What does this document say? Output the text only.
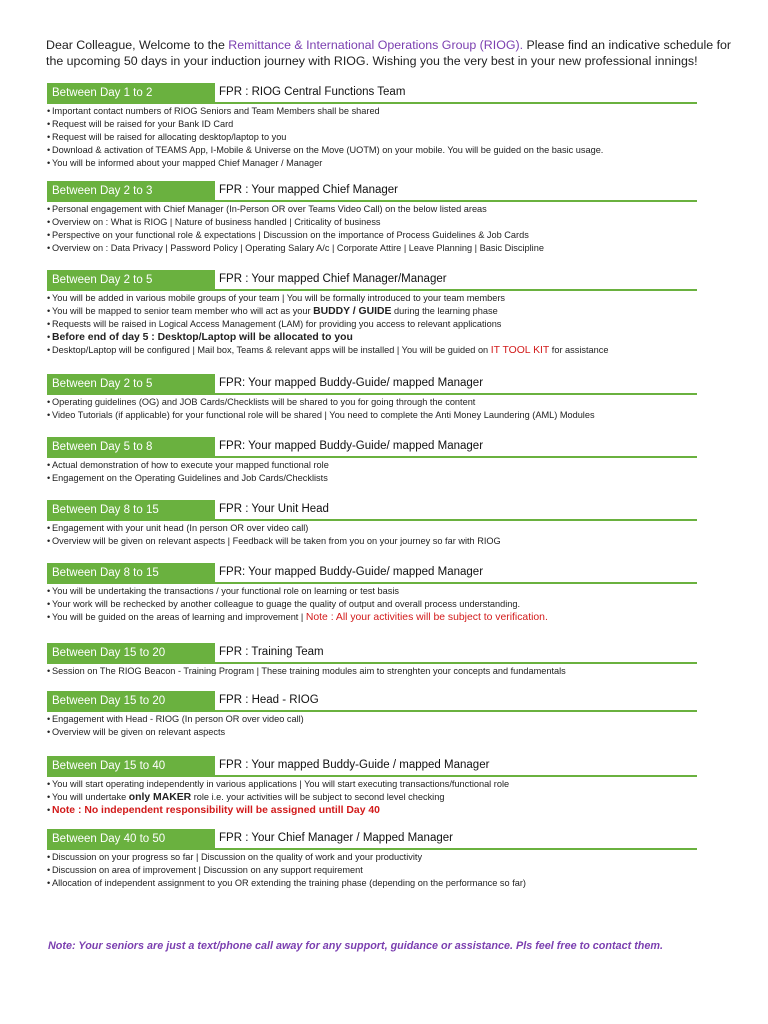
Dear Colleague, Welcome to the Remittance & International Operations Group (RIOG). Please find an indicative schedule for the upcoming 50 days in your induction journey with RIOG. Wishing you the very best in your new professional innings!
Between Day 1 to 2	FPR : RIOG Central Functions Team
• Important contact numbers of RIOG Seniors and Team Members shall be shared
• Request will be raised for your Bank ID Card
• Request will be raised for allocating desktop/laptop to you
• Download & activation of TEAMS App, I-Mobile & Universe on the Move (UOTM) on your mobile. You will be guided on the basic usage.
• You will be informed about your mapped Chief Manager / Manager
Between Day 2 to 3	FPR : Your mapped Chief Manager
• Personal engagement with Chief Manager (In-Person OR over Teams Video Call) on the below listed areas
• Overview on : What is RIOG | Nature of business handled | Criticality of business
• Perspective on your functional role & expectations | Discussion on the importance of Process Guidelines & Job Cards
• Overview on : Data Privacy | Password Policy | Operating Salary A/c | Corporate Attire | Leave Planning | Basic Discipline
Between Day 2 to 5	FPR : Your mapped Chief Manager/Manager
• You will be added in various mobile groups of your team | You will be formally introduced to your team members
• You will be mapped to senior team member who will act as your BUDDY / GUIDE during the learning phase
• Requests will be raised in Logical Access Management (LAM) for providing you access to relevant applications
• Before end of day 5 : Desktop/Laptop will be allocated to you
• Desktop/Laptop will be configured | Mail box, Teams & relevant apps will be installed | You will be guided on IT TOOL KIT for assistance
Between Day 2 to 5	FPR: Your mapped Buddy-Guide/ mapped Manager
• Operating guidelines (OG) and JOB Cards/Checklists will be shared to you for going through the content
• Video Tutorials (if applicable) for your functional role will be shared | You need to complete the Anti Money Laundering (AML) Modules
Between Day 5 to 8	FPR: Your mapped Buddy-Guide/ mapped Manager
• Actual demonstration of how to execute your mapped functional role
• Engagement on the Operating Guidelines and Job Cards/Checklists
Between Day 8 to 15	FPR : Your Unit Head
• Engagement with your unit head (In person OR over video call)
• Overview will be given on relevant aspects | Feedback will be taken from you on your journey so far with RIOG
Between Day 8 to 15	FPR: Your mapped Buddy-Guide/ mapped Manager
• You will be undertaking the transactions / your functional role on learning or test basis
• Your work will be rechecked by another colleague to guage the quality of output and overall process understanding.
• You will be guided on the areas of learning and improvement | Note : All your activities will be subject to verification.
Between Day 15 to 20	FPR : Training Team
• Session on The RIOG Beacon - Training Program | These training modules aim to strenghten your concepts and fundamentals
Between Day 15 to 20	FPR : Head - RIOG
• Engagement with Head - RIOG (In person OR over video call)
• Overview will be given on relevant aspects
Between Day 15 to 40	FPR : Your mapped Buddy-Guide / mapped Manager
• You will start operating independently in various applications | You will start executing transactions/functional role
• You will undertake only MAKER role i.e. your activities will be subject to second level checking
• Note : No independent responsibility will be assigned untill Day 40
Between Day 40 to 50	FPR : Your Chief Manager / Mapped Manager
• Discussion on your progress so far | Discussion on the quality of work and your productivity
• Discussion on area of improvement | Discussion on any support requirement
• Allocation of independent assignment to you OR extending the training phase (depending on the performance so far)
Note: Your seniors are just a text/phone call away for any support, guidance or assistance. Pls feel free to contact them.
